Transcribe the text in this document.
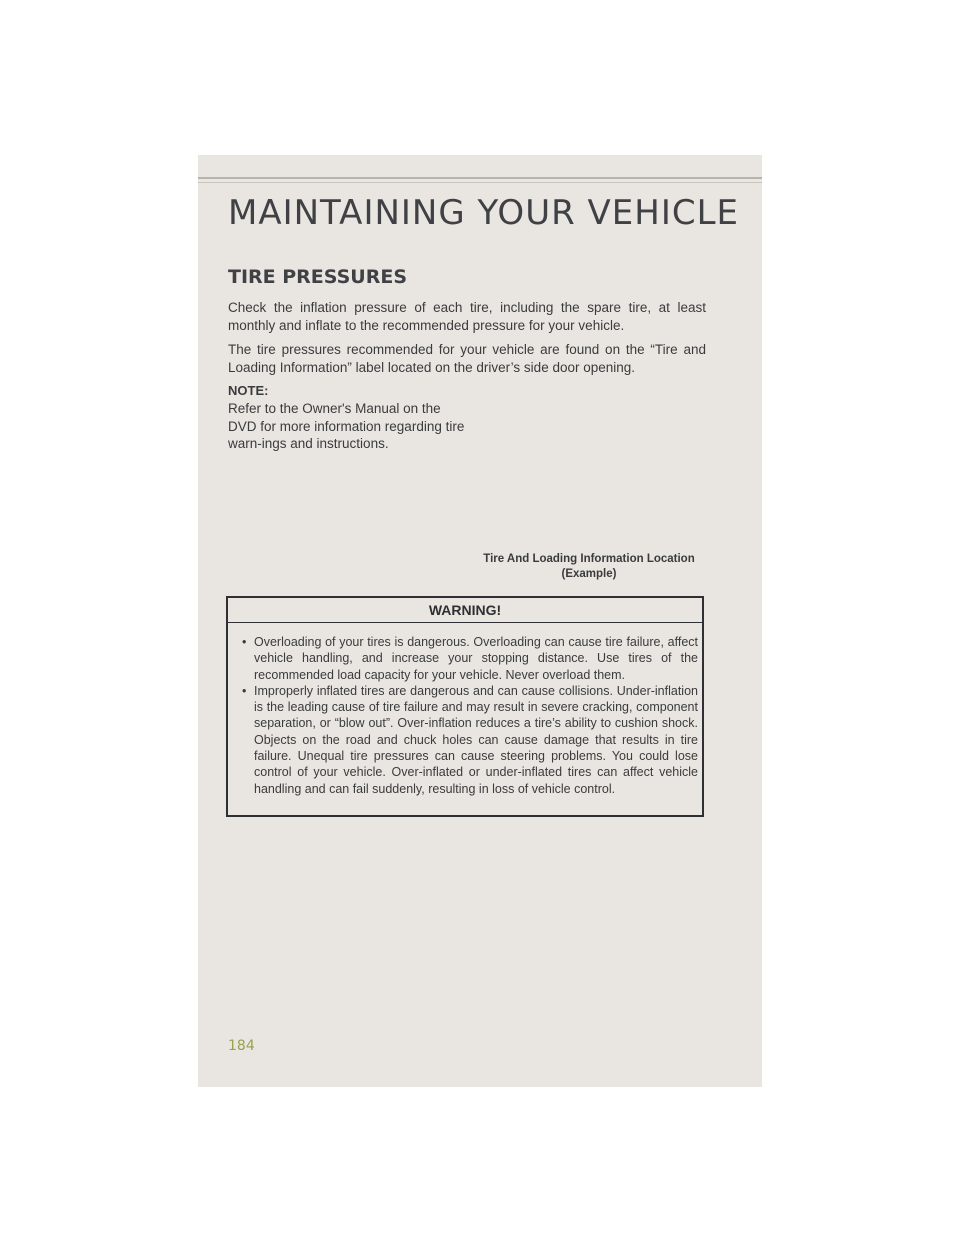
MAINTAINING YOUR VEHICLE
TIRE PRESSURES
Check the inflation pressure of each tire, including the spare tire, at least monthly and inflate to the recommended pressure for your vehicle.
The tire pressures recommended for your vehicle are found on the “Tire and Loading Information” label located on the driver’s side door opening.
NOTE:
Refer to the Owner's Manual on the DVD for more information regarding tire warn-ings and instructions.
Tire And Loading Information Location
(Example)
WARNING!
• Overloading of your tires is dangerous. Overloading can cause tire failure, affect vehicle handling, and increase your stopping distance. Use tires of the recommended load capacity for your vehicle. Never overload them.
• Improperly inflated tires are dangerous and can cause collisions. Under-inflation is the leading cause of tire failure and may result in severe cracking, component separation, or “blow out”. Over-inflation reduces a tire’s ability to cushion shock. Objects on the road and chuck holes can cause damage that results in tire failure. Unequal tire pressures can cause steering problems. You could lose control of your vehicle. Over-inflated or under-inflated tires can affect vehicle handling and can fail suddenly, resulting in loss of vehicle control.
184
